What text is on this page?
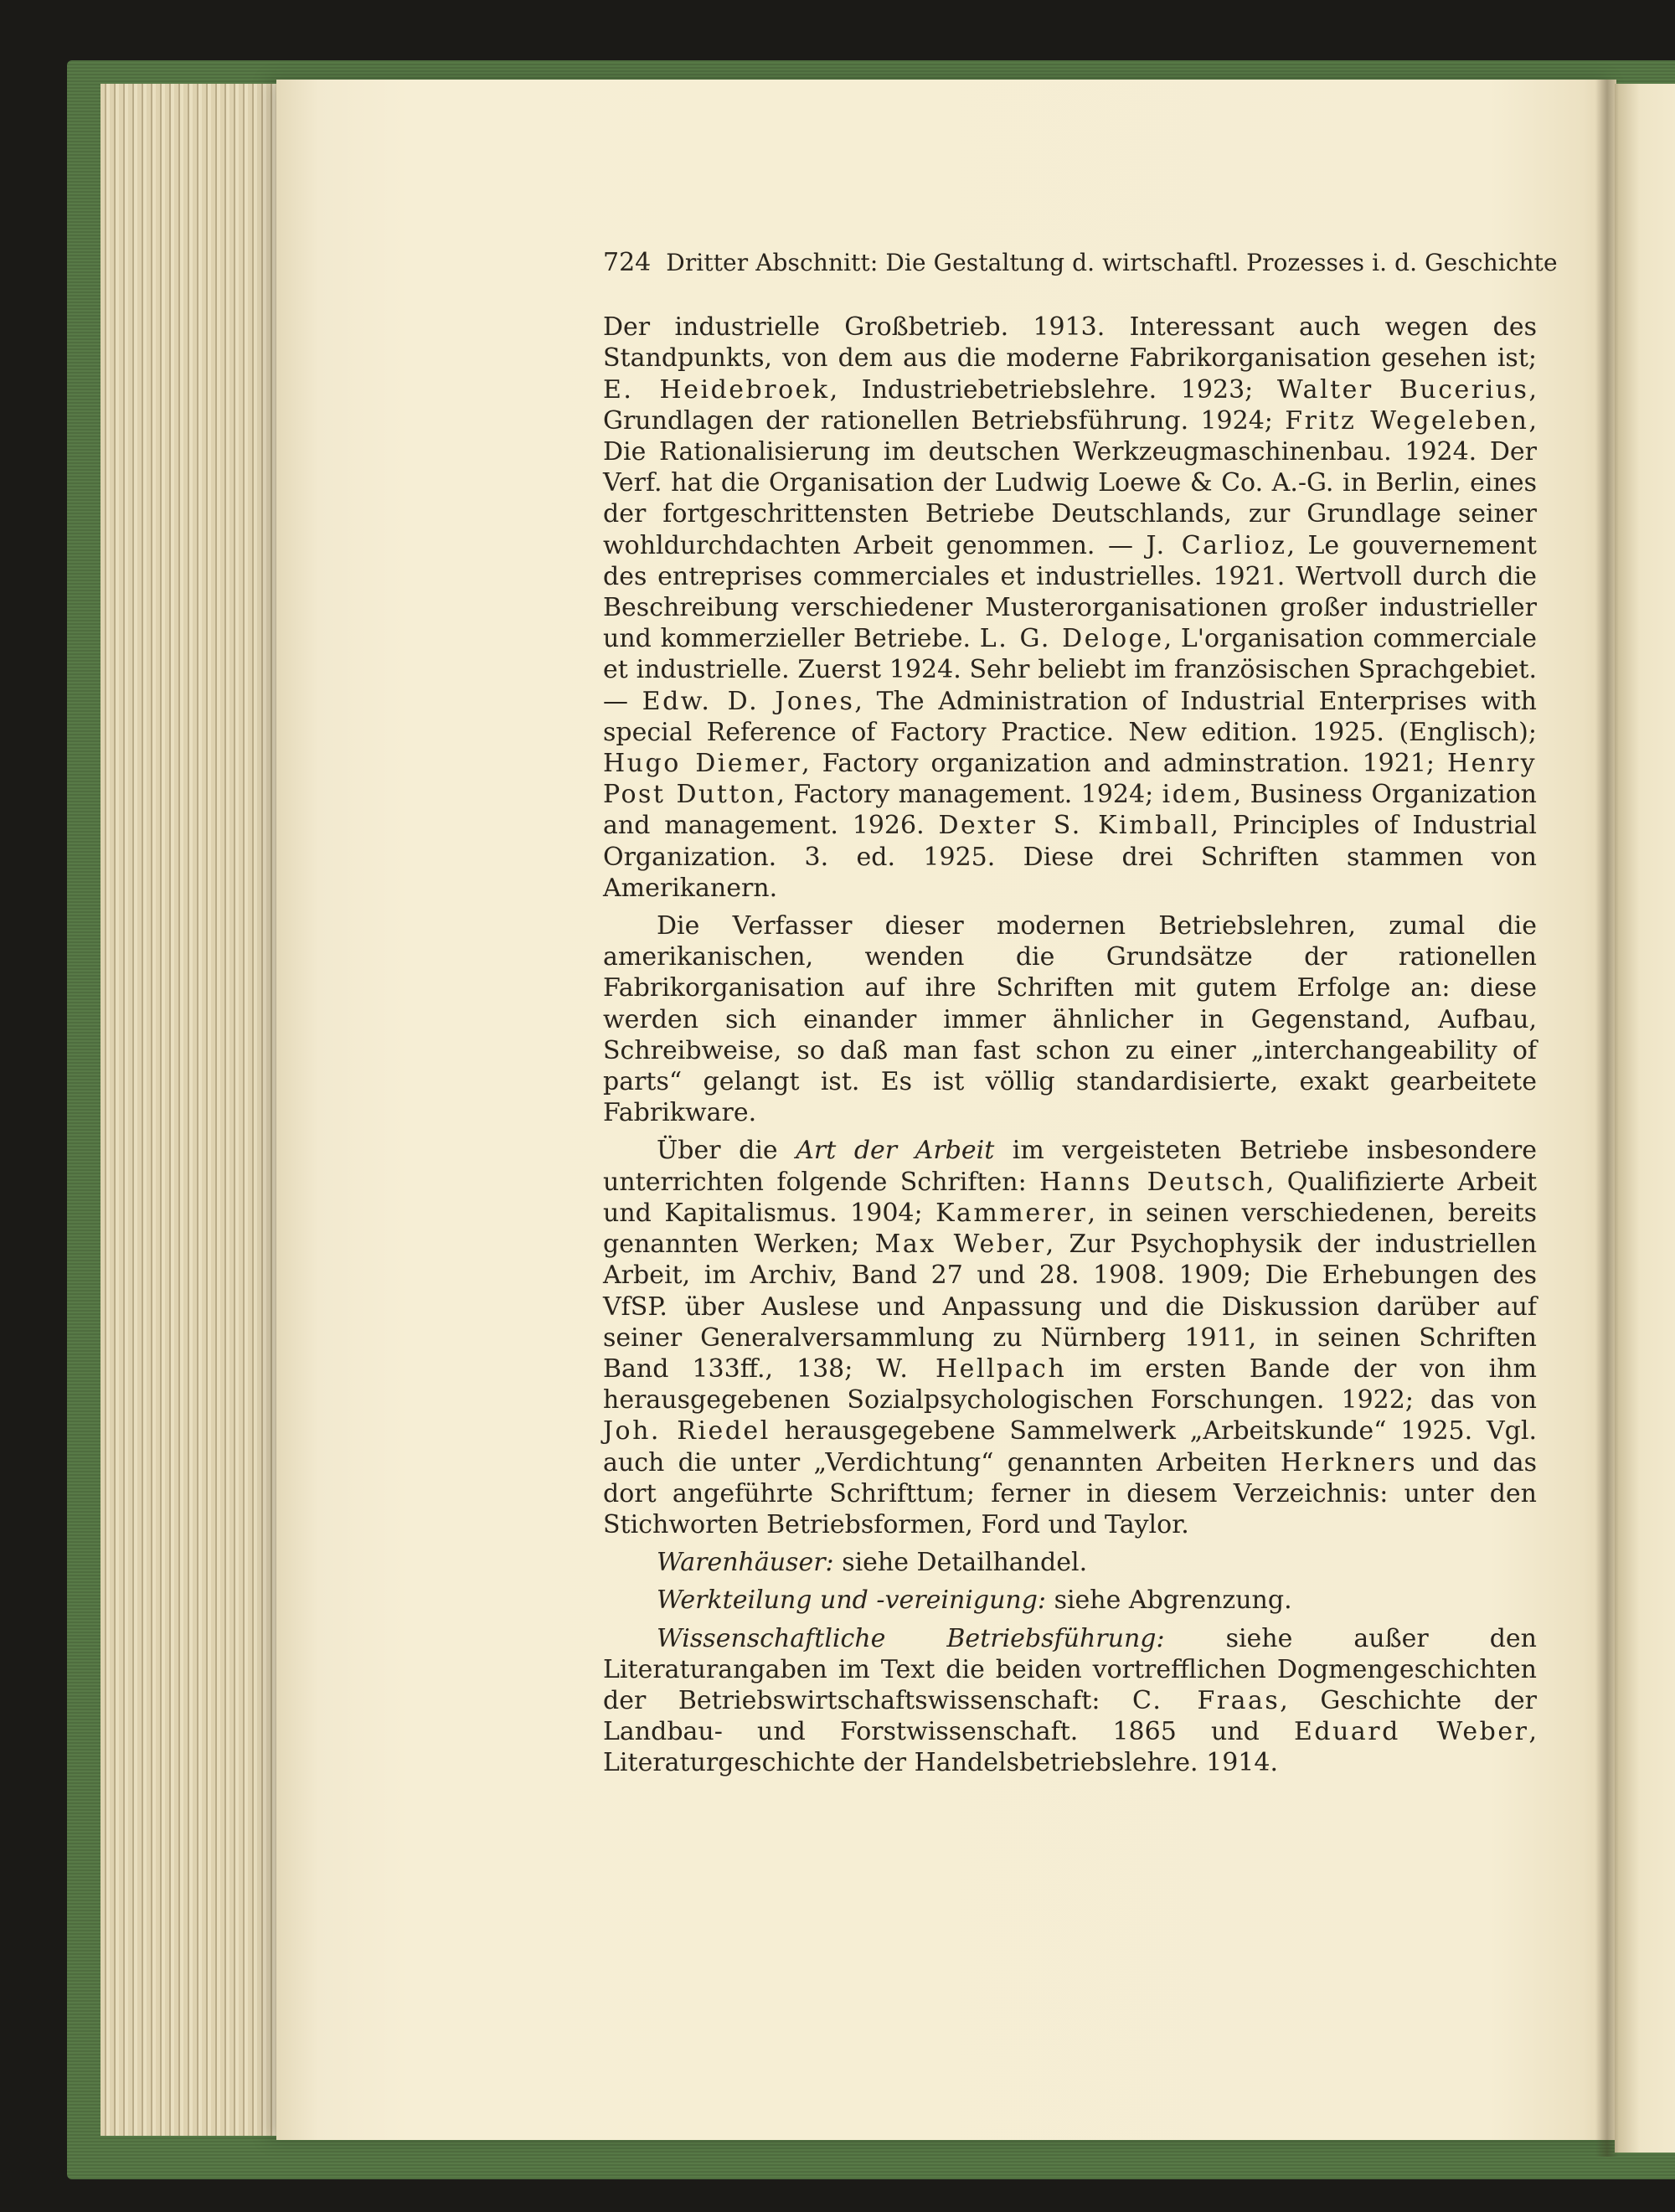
724 Dritter Abschnitt: Die Gestaltung d. wirtschaftl. Prozesses i. d. Geschichte

Der industrielle Großbetrieb. 1913. Interessant auch wegen des Standpunkts, von dem aus die moderne Fabrikorganisation gesehen ist; E. Heidebroek, Industriebetriebslehre. 1923; Walter Bucerius, Grundlagen der rationellen Betriebsführung. 1924; Fritz Wegeleben, Die Rationalisierung im deutschen Werkzeugmaschinenbau. 1924. Der Verf. hat die Organisation der Ludwig Loewe & Co. A.-G. in Berlin, eines der fortgeschrittensten Betriebe Deutschlands, zur Grundlage seiner wohldurchdachten Arbeit genommen. — J. Carlioz, Le gouvernement des entreprises commerciales et industrielles. 1921. Wertvoll durch die Beschreibung verschiedener Musterorganisationen großer industrieller und kommerzieller Betriebe. L. G. Deloge, L'organisation commerciale et industrielle. Zuerst 1924. Sehr beliebt im französischen Sprachgebiet. — Edw. D. Jones, The Administration of Industrial Enterprises with special Reference of Factory Practice. New edition. 1925. (Englisch); Hugo Diemer, Factory organization and adminstration. 1921; Henry Post Dutton, Factory management. 1924; idem, Business Organization and management. 1926. Dexter S. Kimball, Principles of Industrial Organization. 3. ed. 1925. Diese drei Schriften stammen von Amerikanern.

Die Verfasser dieser modernen Betriebslehren, zumal die amerikanischen, wenden die Grundsätze der rationellen Fabrikorganisation auf ihre Schriften mit gutem Erfolge an: diese werden sich einander immer ähnlicher in Gegenstand, Aufbau, Schreibweise, so daß man fast schon zu einer „interchangeability of parts“ gelangt ist. Es ist völlig standardisierte, exakt gearbeitete Fabrikware.

Über die Art der Arbeit im vergeisteten Betriebe insbesondere unterrichten folgende Schriften: Hanns Deutsch, Qualifizierte Arbeit und Kapitalismus. 1904; Kammerer, in seinen verschiedenen, bereits genannten Werken; Max Weber, Zur Psychophysik der industriellen Arbeit, im Archiv, Band 27 und 28. 1908. 1909; Die Erhebungen des VfSP. über Auslese und Anpassung und die Diskussion darüber auf seiner Generalversammlung zu Nürnberg 1911, in seinen Schriften Band 133ff., 138; W. Hellpach im ersten Bande der von ihm herausgegebenen Sozialpsychologischen Forschungen. 1922; das von Joh. Riedel herausgegebene Sammelwerk „Arbeitskunde“ 1925. Vgl. auch die unter „Verdichtung“ genannten Arbeiten Herkners und das dort angeführte Schrifttum; ferner in diesem Verzeichnis: unter den Stichworten Betriebsformen, Ford und Taylor.

Warenhäuser: siehe Detailhandel.

Werkteilung und -vereinigung: siehe Abgrenzung.

Wissenschaftliche Betriebsführung: siehe außer den Literaturangaben im Text die beiden vortrefflichen Dogmengeschichten der Betriebswirtschaftswissenschaft: C. Fraas, Geschichte der Landbau- und Forstwissenschaft. 1865 und Eduard Weber, Literaturgeschichte der Handelsbetriebslehre. 1914.
